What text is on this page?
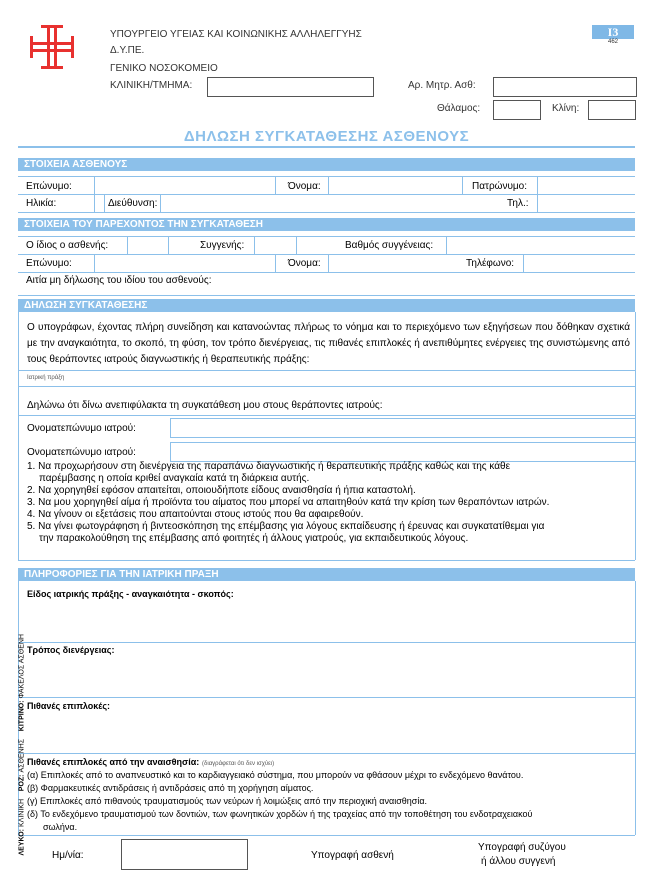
ΥΠΟΥΡΓΕΙΟ ΥΓΕΙΑΣ ΚΑΙ ΚΟΙΝΩΝΙΚΗΣ ΑΛΛΗΛΕΓΓΥΗΣ
Δ.Υ.ΠΕ.
ΓΕΝΙΚΟ ΝΟΣΟΚΟΜΕΙΟ
ΚΛΙΝΙΚΗ/ΤΜΗΜΑ:
Ι3
462
Αρ. Μητρ. Ασθ:
Θάλαμος:	Κλίνη:
ΔΗΛΩΣΗ ΣΥΓΚΑΤΑΘΕΣΗΣ ΑΣΘΕΝΟΥΣ
ΣΤΟΙΧΕΙΑ ΑΣΘΕΝΟΥΣ
Επώνυμο:	Όνομα:	Πατρώνυμο:
Ηλικία:	Διεύθυνση:	Τηλ.:
ΣΤΟΙΧΕΙΑ ΤΟΥ ΠΑΡΕΧΟΝΤΟΣ ΤΗΝ ΣΥΓΚΑΤΑΘΕΣΗ
Ο ίδιος ο ασθενής:	Συγγενής:	Βαθμός συγγένειας:
Επώνυμο:	Όνομα:	Τηλέφωνο:
Αιτία μη δήλωσης του ιδίου του ασθενούς:
ΔΗΛΩΣΗ ΣΥΓΚΑΤΑΘΕΣΗΣ
Ο υπογράφων, έχοντας πλήρη συνείδηση και κατανοώντας πλήρως το νόημα και το περιεχόμενο των εξηγήσεων που δόθηκαν σχετικά με την αναγκαιότητα, το σκοπό, τη φύση, τον τρόπο διενέργειας, τις πιθανές επιπλοκές ή ανεπιθύμητες ενέργειες της συνιστώμενης από τους θεράποντες ιατρούς διαγνωστικής ή θεραπευτικής πράξης:
Ιατρική πράξη
Δηλώνω ότι δίνω ανεπιφύλακτα τη συγκατάθεση μου στους θεράποντες ιατρούς:
Ονοματεπώνυμο ιατρού:
Ονοματεπώνυμο ιατρού:
1. Να προχωρήσουν στη διενέργεια της παραπάνω διαγνωστικής ή θεραπευτικής πράξης καθώς και της κάθε
παρέμβασης η οποία κριθεί αναγκαία κατά τη διάρκεια αυτής.
2. Να χορηγηθεί εφόσον απαιτείται, οποιουδήποτε είδους αναισθησία ή ήπια καταστολή.
3. Να μου χορηγηθεί αίμα ή προϊόντα του αίματος που μπορεί να απαιτηθούν κατά την κρίση των θεραπόντων ιατρών.
4. Να γίνουν οι εξετάσεις που απαιτούνται στους ιστούς που θα αφαιρεθούν.
5. Να γίνει φωτογράφηση ή βιντεοσκόπηση της επέμβασης για λόγους εκπαίδευσης ή έρευνας και συγκατατίθεμαι για
την παρακολούθηση της επέμβασης από φοιτητές ή άλλους γιατρούς, για εκπαιδευτικούς λόγους.
ΠΛΗΡΟΦΟΡΙΕΣ ΓΙΑ ΤΗΝ ΙΑΤΡΙΚΗ ΠΡΑΞΗ
Είδος ιατρικής πράξης - αναγκαιότητα - σκοπός:
Τρόπος διενέργειας:
Πιθανές επιπλοκές:
Πιθανές επιπλοκές από την αναισθησία: (διαγράφεται ότι δεν ισχύει)
(α) Επιπλοκές από το αναπνευστικό και το καρδιαγγειακό σύστημα, που μπορούν να φθάσουν μέχρι το ενδεχόμενο θανάτου.
(β) Φαρμακευτικές αντιδράσεις ή αντιδράσεις από τη χορήγηση αίματος.
(γ) Επιπλοκές από πιθανούς τραυματισμούς των νεύρων ή λοιμώξεις από την περιοχική αναισθησία.
(δ) Το ενδεχόμενο τραυματισμού των δοντιών, των φωνητικών χορδών ή της τραχείας από την τοποθέτηση του ενδοτραχειακού
σωλήνα.
Ημ/νία:	Υπογραφή ασθενή
Υπογραφή συζύγου
ή άλλου συγγενή
ΛΕΥΚΟ: ΚΛΙΝΙΚΗ    ΡΟΖ: ΑΣΘΕΝΗΣ    ΚΙΤΡΙΝΟ: ΦΑΚΕΛΟΣ ΑΣΘΕΝΗ
